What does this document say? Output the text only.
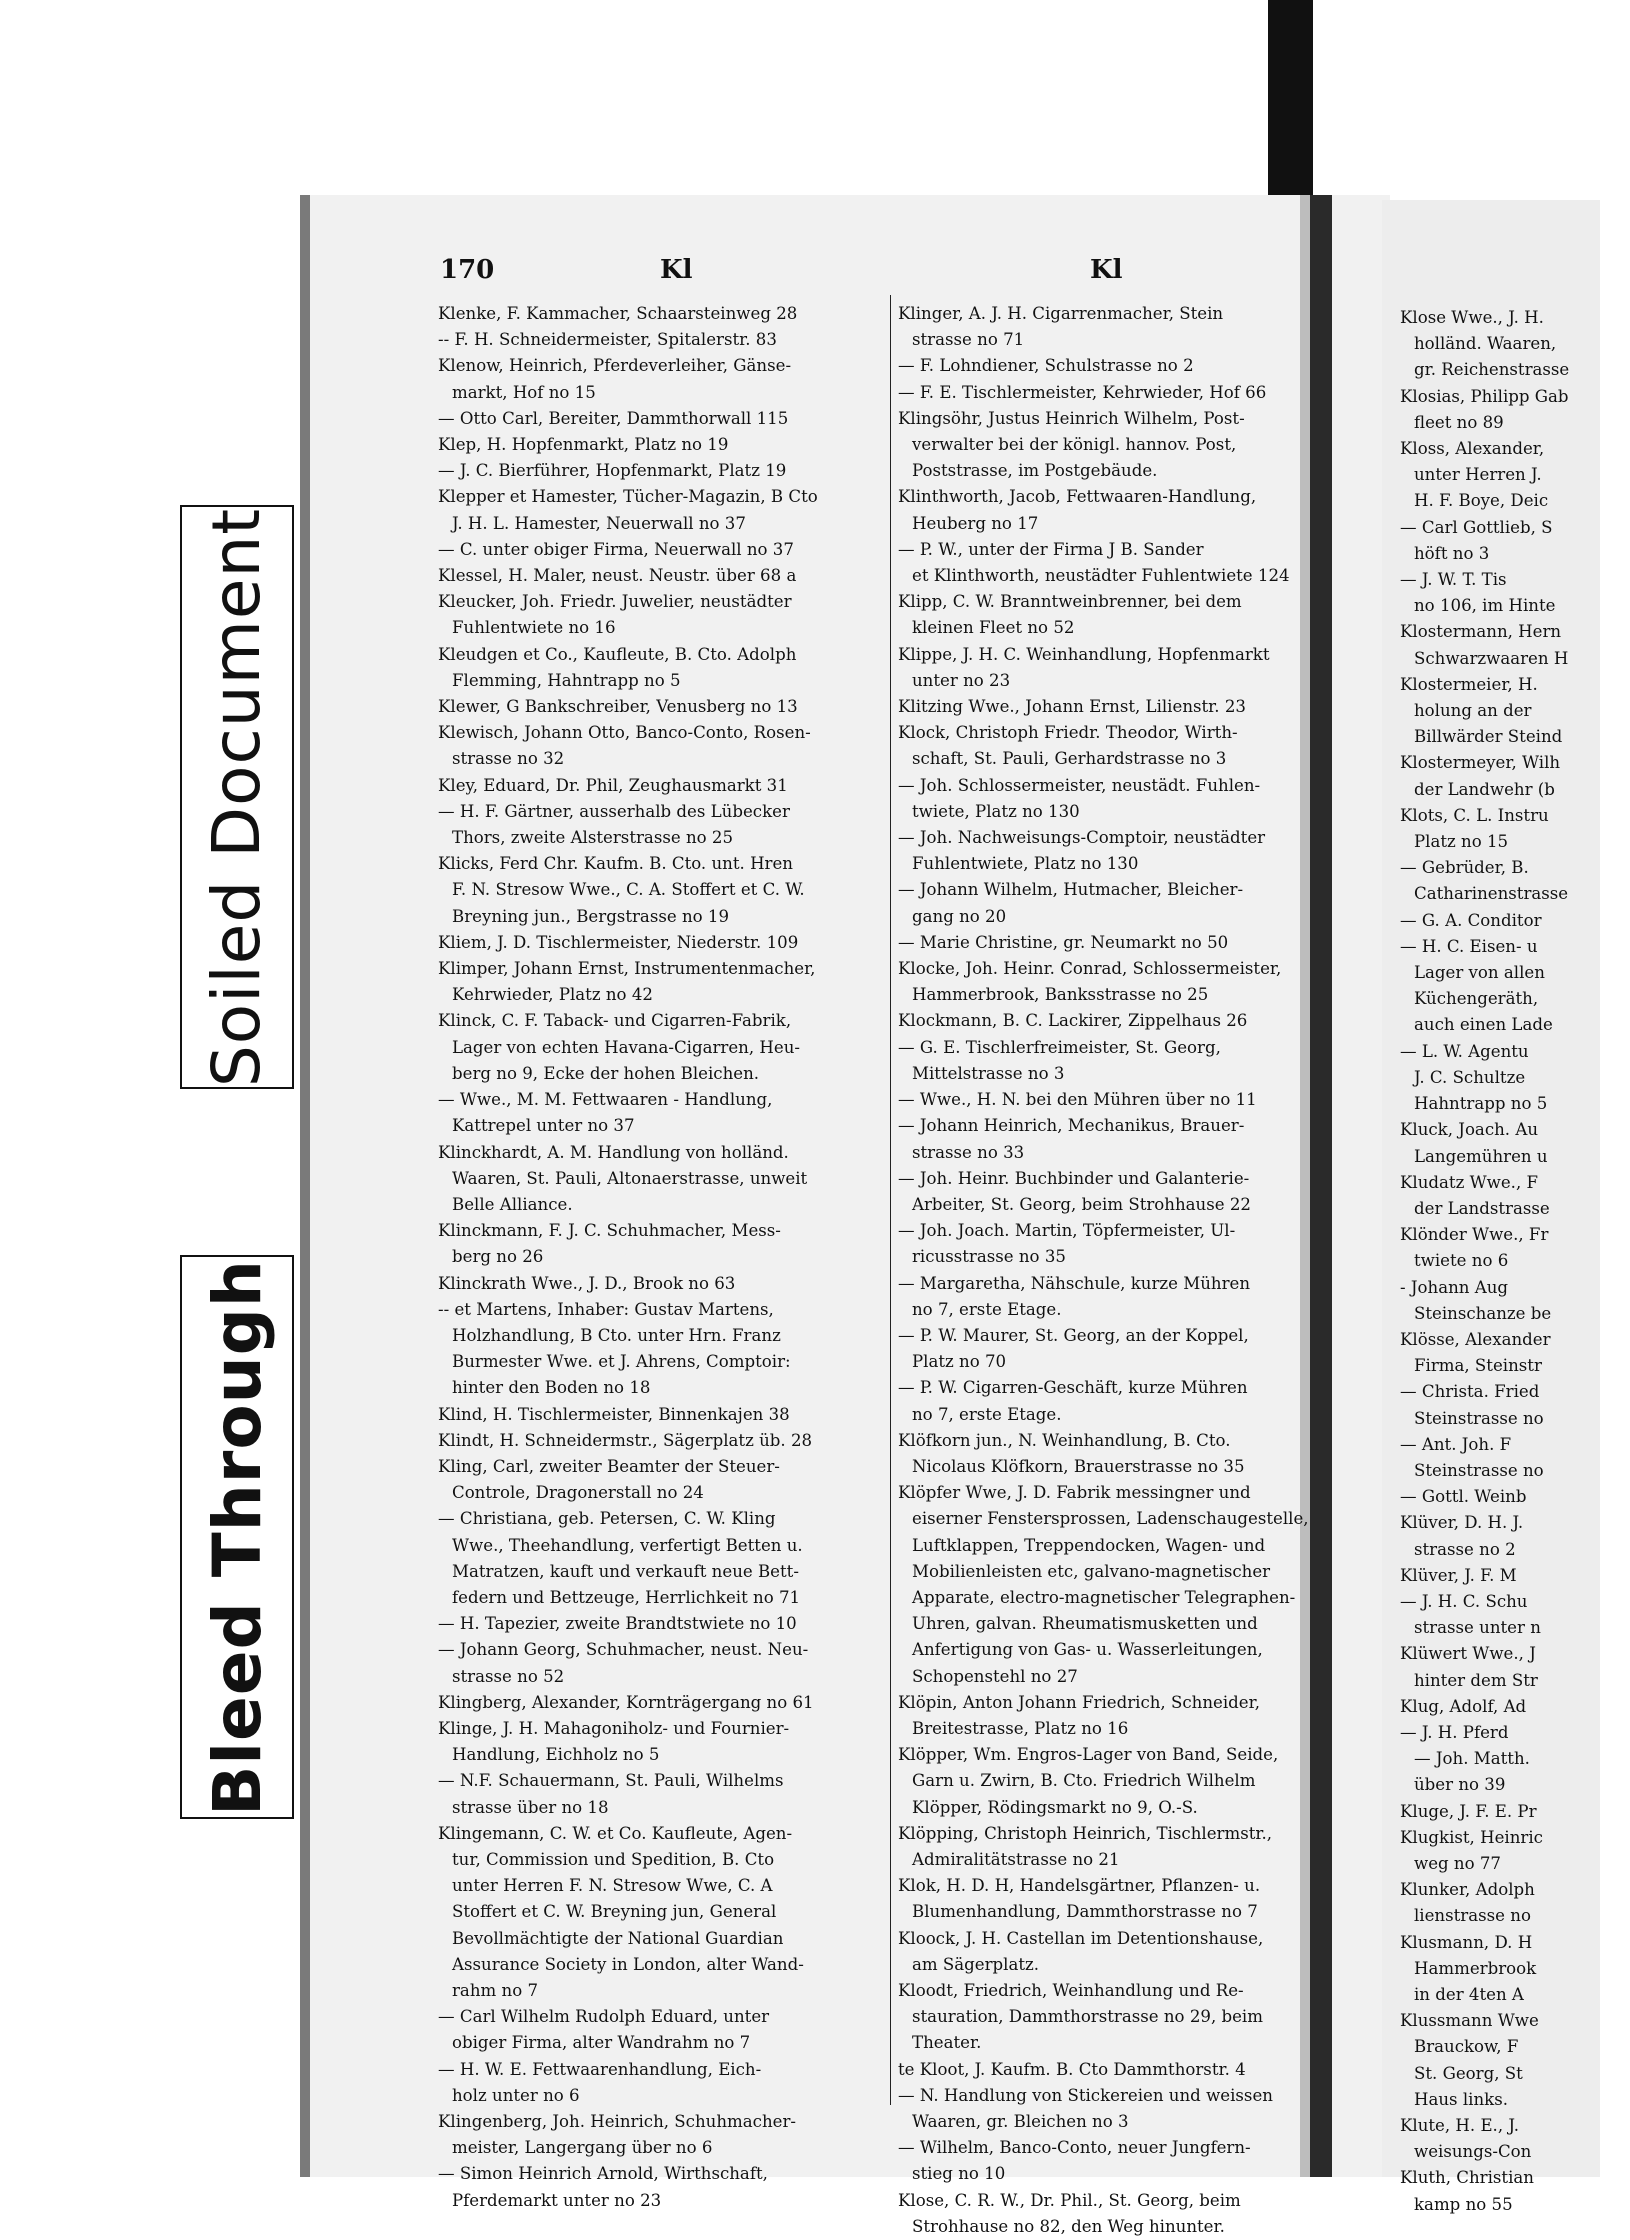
Soiled Document
Bleed Through
170	Kl	Kl
Klenke, F. Kammacher, Schaarsteinweg 28
-- F. H. Schneidermeister, Spitalerstr. 83
Klenow, Heinrich, Pferdeverleiher, Gänse-
markt, Hof no 15
— Otto Carl, Bereiter, Dammthorwall 115
Klep, H. Hopfenmarkt, Platz no 19
— J. C. Bierführer, Hopfenmarkt, Platz 19
Klepper et Hamester, Tücher-Magazin, B Cto
J. H. L. Hamester, Neuerwall no 37
— C. unter obiger Firma, Neuerwall no 37
Klessel, H. Maler, neust. Neustr. über 68 a
Kleucker, Joh. Friedr. Juwelier, neustädter
Fuhlentwiete no 16
Kleudgen et Co., Kaufleute, B. Cto. Adolph
Flemming, Hahntrapp no 5
Klewer, G Bankschreiber, Venusberg no 13
Klewisch, Johann Otto, Banco-Conto, Rosen-
strasse no 32
Kley, Eduard, Dr. Phil, Zeughausmarkt 31
— H. F. Gärtner, ausserhalb des Lübecker
Thors, zweite Alsterstrasse no 25
Klicks, Ferd Chr. Kaufm. B. Cto. unt. Hren
F. N. Stresow Wwe., C. A. Stoffert et C. W.
Breyning jun., Bergstrasse no 19
Kliem, J. D. Tischlermeister, Niederstr. 109
Klimper, Johann Ernst, Instrumentenmacher,
Kehrwieder, Platz no 42
Klinck, C. F. Taback- und Cigarren-Fabrik,
Lager von echten Havana-Cigarren, Heu-
berg no 9, Ecke der hohen Bleichen.
— Wwe., M. M. Fettwaaren - Handlung,
Kattrepel unter no 37
Klinckhardt, A. M. Handlung von holländ.
Waaren, St. Pauli, Altonaerstrasse, unweit
Belle Alliance.
Klinckmann, F. J. C. Schuhmacher, Mess-
berg no 26
Klinckrath Wwe., J. D., Brook no 63
-- et Martens, Inhaber: Gustav Martens,
Holzhandlung, B Cto. unter Hrn. Franz
Burmester Wwe. et J. Ahrens, Comptoir:
hinter den Boden no 18
Klind, H. Tischlermeister, Binnenkajen 38
Klindt, H. Schneidermstr., Sägerplatz üb. 28
Kling, Carl, zweiter Beamter der Steuer-
Controle, Dragonerstall no 24
— Christiana, geb. Petersen, C. W. Kling
Wwe., Theehandlung, verfertigt Betten u.
Matratzen, kauft und verkauft neue Bett-
federn und Bettzeuge, Herrlichkeit no 71
— H. Tapezier, zweite Brandtstwiete no 10
— Johann Georg, Schuhmacher, neust. Neu-
strasse no 52
Klingberg, Alexander, Kornträgergang no 61
Klinge, J. H. Mahagoniholz- und Fournier-
Handlung, Eichholz no 5
— N.F. Schauermann, St. Pauli, Wilhelms
strasse über no 18
Klingemann, C. W. et Co. Kaufleute, Agen-
tur, Commission und Spedition, B. Cto
unter Herren F. N. Stresow Wwe, C. A
Stoffert et C. W. Breyning jun, General
Bevollmächtigte der National Guardian
Assurance Society in London, alter Wand-
rahm no 7
— Carl Wilhelm Rudolph Eduard, unter
obiger Firma, alter Wandrahm no 7
— H. W. E. Fettwaarenhandlung, Eich-
holz unter no 6
Klingenberg, Joh. Heinrich, Schuhmacher-
meister, Langergang über no 6
— Simon Heinrich Arnold, Wirthschaft,
Pferdemarkt unter no 23
Klinger, A. J. H. Cigarrenmacher, Stein
strasse no 71
— F. Lohndiener, Schulstrasse no 2
— F. E. Tischlermeister, Kehrwieder, Hof 66
Klingsöhr, Justus Heinrich Wilhelm, Post-
verwalter bei der königl. hannov. Post,
Poststrasse, im Postgebäude.
Klinthworth, Jacob, Fettwaaren-Handlung,
Heuberg no 17
— P. W., unter der Firma J B. Sander
et Klinthworth, neustädter Fuhlentwiete 124
Klipp, C. W. Branntweinbrenner, bei dem
kleinen Fleet no 52
Klippe, J. H. C. Weinhandlung, Hopfenmarkt
unter no 23
Klitzing Wwe., Johann Ernst, Lilienstr. 23
Klock, Christoph Friedr. Theodor, Wirth-
schaft, St. Pauli, Gerhardstrasse no 3
— Joh. Schlossermeister, neustädt. Fuhlen-
twiete, Platz no 130
— Joh. Nachweisungs-Comptoir, neustädter
Fuhlentwiete, Platz no 130
— Johann Wilhelm, Hutmacher, Bleicher-
gang no 20
— Marie Christine, gr. Neumarkt no 50
Klocke, Joh. Heinr. Conrad, Schlossermeister,
Hammerbrook, Banksstrasse no 25
Klockmann, B. C. Lackirer, Zippelhaus 26
— G. E. Tischlerfreimeister, St. Georg,
Mittelstrasse no 3
— Wwe., H. N. bei den Mühren über no 11
— Johann Heinrich, Mechanikus, Brauer-
strasse no 33
— Joh. Heinr. Buchbinder und Galanterie-
Arbeiter, St. Georg, beim Strohhause 22
— Joh. Joach. Martin, Töpfermeister, Ul-
ricusstrasse no 35
— Margaretha, Nähschule, kurze Mühren
no 7, erste Etage.
— P. W. Maurer, St. Georg, an der Koppel,
Platz no 70
— P. W. Cigarren-Geschäft, kurze Mühren
no 7, erste Etage.
Klöfkorn jun., N. Weinhandlung, B. Cto.
Nicolaus Klöfkorn, Brauerstrasse no 35
Klöpfer Wwe, J. D. Fabrik messingner und
eiserner Fenstersprossen, Ladenschaugestelle,
Luftklappen, Treppendocken, Wagen- und
Mobilienleisten etc, galvano-magnetischer
Apparate, electro-magnetischer Telegraphen-
Uhren, galvan. Rheumatismusketten und
Anfertigung von Gas- u. Wasserleitungen,
Schopenstehl no 27
Klöpin, Anton Johann Friedrich, Schneider,
Breitestrasse, Platz no 16
Klöpper, Wm. Engros-Lager von Band, Seide,
Garn u. Zwirn, B. Cto. Friedrich Wilhelm
Klöpper, Rödingsmarkt no 9, O.-S.
Klöpping, Christoph Heinrich, Tischlermstr.,
Admiralitätstrasse no 21
Klok, H. D. H, Handelsgärtner, Pflanzen- u.
Blumenhandlung, Dammthorstrasse no 7
Kloock, J. H. Castellan im Detentionshause,
am Sägerplatz.
Kloodt, Friedrich, Weinhandlung und Re-
stauration, Dammthorstrasse no 29, beim
Theater.
te Kloot, J. Kaufm. B. Cto Dammthorstr. 4
— N. Handlung von Stickereien und weissen
Waaren, gr. Bleichen no 3
— Wilhelm, Banco-Conto, neuer Jungfern-
stieg no 10
Klose, C. R. W., Dr. Phil., St. Georg, beim
Strohhause no 82, den Weg hinunter.
Klose Wwe., J. H.
holländ. Waaren,
gr. Reichenstrasse
Klosias, Philipp Gab
fleet no 89
Kloss, Alexander,
unter Herren J.
H. F. Boye, Deic
— Carl Gottlieb, S
höft no 3
— J. W. T. Tis
no 106, im Hinte
Klostermann, Hern
Schwarzwaaren H
Klostermeier, H.
holung an der
Billwärder Steind
Klostermeyer, Wilh
der Landwehr (b
Klots, C. L. Instru
Platz no 15
— Gebrüder, B.
Catharinenstrasse
— G. A. Conditor
— H. C. Eisen- u
Lager von allen
Küchengeräth,
auch einen Lade
— L. W. Agentu
J. C. Schultze
Hahntrapp no 5
Kluck, Joach. Au
Langemühren u
Kludatz Wwe., F
der Landstrasse
Klönder Wwe., Fr
twiete no 6
- Johann Aug
Steinschanze be
Klösse, Alexander
Firma, Steinstr
— Christa. Fried
Steinstrasse no
— Ant. Joh. F
Steinstrasse no
— Gottl. Weinb
Klüver, D. H. J.
strasse no 2
Klüver, J. F. M
— J. H. C. Schu
strasse unter n
Klüwert Wwe., J
hinter dem Str
Klug, Adolf, Ad
— J. H. Pferd
— Joh. Matth.
über no 39
Kluge, J. F. E. Pr
Klugkist, Heinric
weg no 77
Klunker, Adolph
lienstrasse no
Klusmann, D. H
Hammerbrook
in der 4ten A
Klussmann Wwe
Brauckow, F
St. Georg, St
Haus links.
Klute, H. E., J.
weisungs-Con
Kluth, Christian
kamp no 55
